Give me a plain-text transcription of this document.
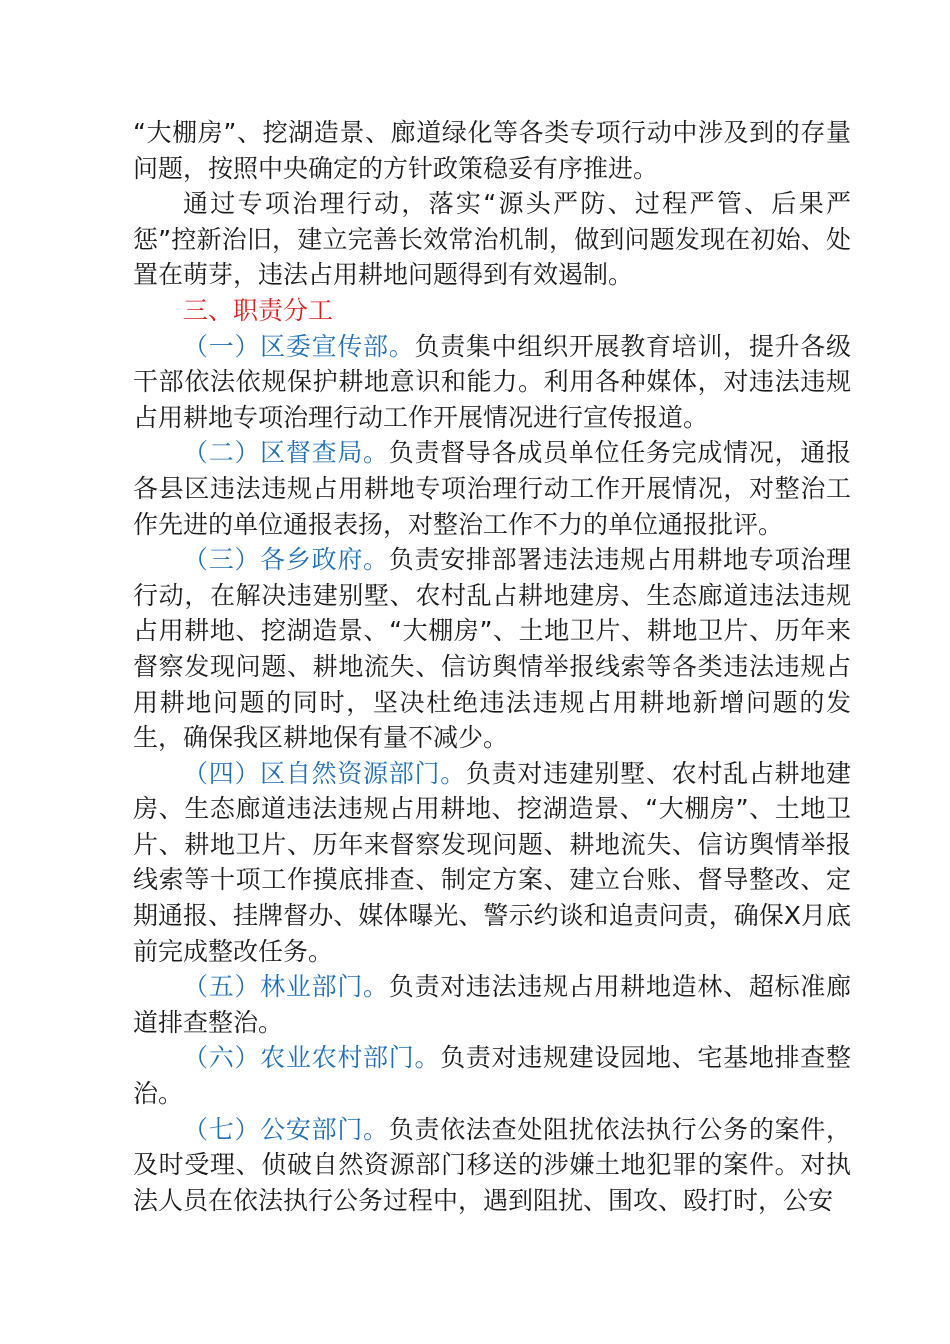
“大棚房”、挖湖造景、廊道绿化等各类专项行动中涉及到的存量问题，按照中央确定的方针政策稳妥有序推进。

通过专项治理行动，落实“源头严防、过程严管、后果严惩”控新治旧，建立完善长效常治机制，做到问题发现在初始、处置在萌芽，违法占用耕地问题得到有效遏制。

三、职责分工

（一）区委宣传部。负责集中组织开展教育培训，提升各级干部依法依规保护耕地意识和能力。利用各种媒体，对违法违规占用耕地专项治理行动工作开展情况进行宣传报道。

（二）区督查局。负责督导各成员单位任务完成情况，通报各县区违法违规占用耕地专项治理行动工作开展情况，对整治工作先进的单位通报表扬，对整治工作不力的单位通报批评。

（三）各乡政府。负责安排部署违法违规占用耕地专项治理行动，在解决违建别墅、农村乱占耕地建房、生态廊道违法违规占用耕地、挖湖造景、“大棚房”、土地卫片、耕地卫片、历年来督察发现问题、耕地流失、信访舆情举报线索等各类违法违规占用耕地问题的同时，坚决杜绝违法违规占用耕地新增问题的发生，确保我区耕地保有量不减少。

（四）区自然资源部门。负责对违建别墅、农村乱占耕地建房、生态廊道违法违规占用耕地、挖湖造景、“大棚房”、土地卫片、耕地卫片、历年来督察发现问题、耕地流失、信访舆情举报线索等十项工作摸底排查、制定方案、建立台账、督导整改、定期通报、挂牌督办、媒体曝光、警示约谈和追责问责，确保X月底前完成整改任务。

（五）林业部门。负责对违法违规占用耕地造林、超标准廊道排查整治。

（六）农业农村部门。负责对违规建设园地、宅基地排查整治。

（七）公安部门。负责依法查处阻扰依法执行公务的案件，及时受理、侦破自然资源部门移送的涉嫌土地犯罪的案件。对执法人员在依法执行公务过程中，遇到阻扰、围攻、殴打时，公安
